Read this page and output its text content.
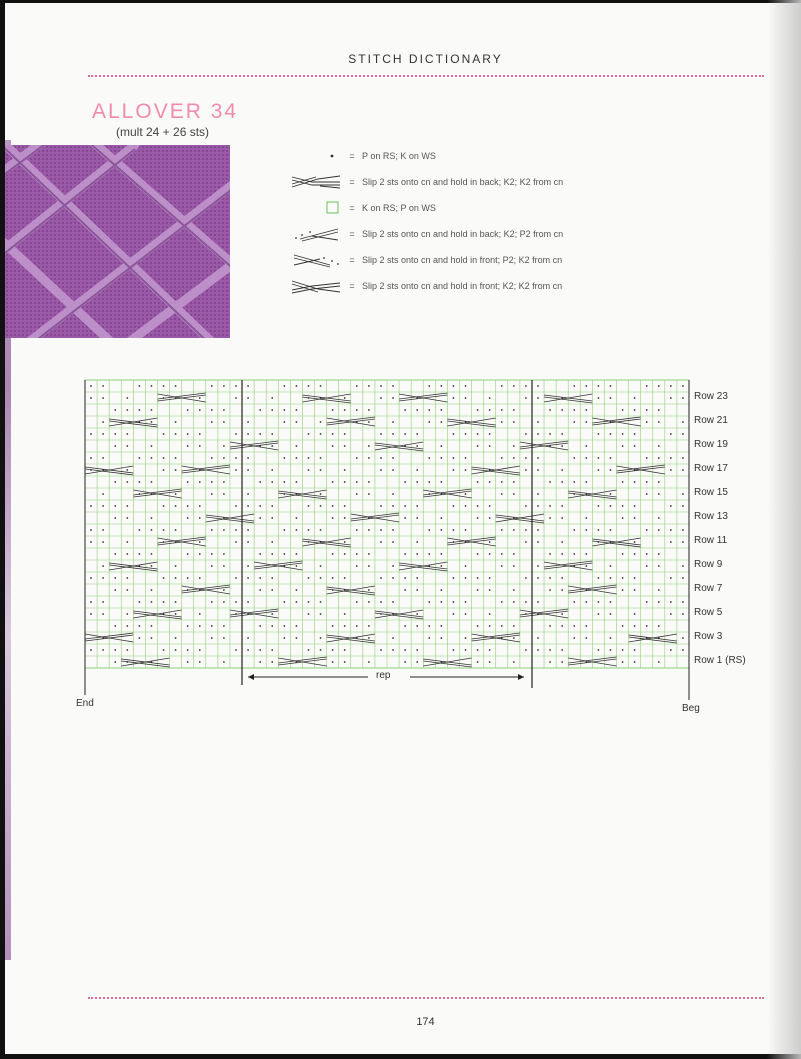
STITCH DICTIONARY
ALLOVER 34
(mult 24 + 26 sts)
= P on RS; K on WS
= Slip 2 sts onto cn and hold in back; K2; K2 from cn
= K on RS; P on WS
= Slip 2 sts onto cn and hold in back; K2; P2 from cn
= Slip 2 sts onto cn and hold in front; P2; K2 from cn
= Slip 2 sts onto cn and hold in front; K2; K2 from cn
Row 23
Row 21
Row 19
Row 17
Row 15
Row 13
Row 11
Row 9
Row 7
Row 5
Row 3
Row 1 (RS)
rep
End	Beg
174
